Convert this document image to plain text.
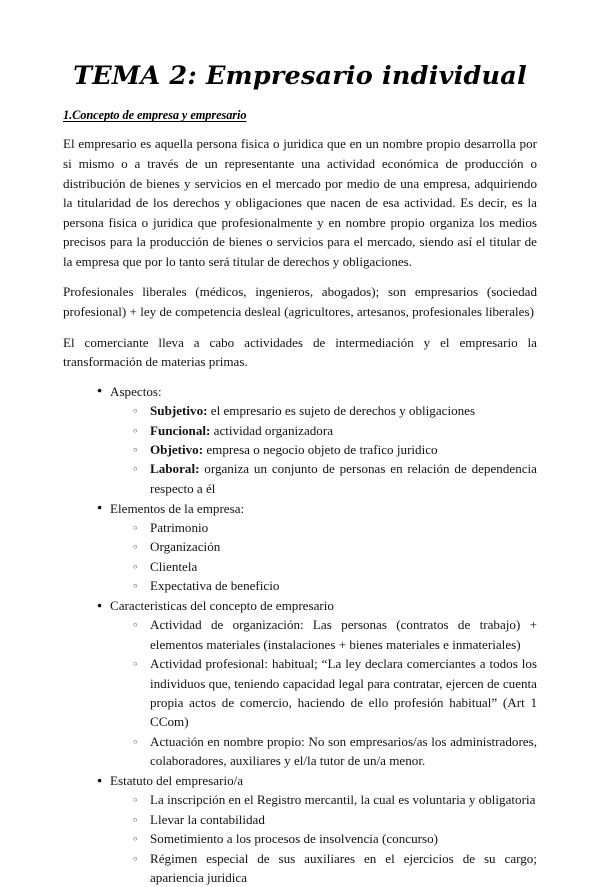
TEMA 2: Empresario individual
1.Concepto de empresa y empresario

El empresario es aquella persona fisica o juridica que en un nombre propio desarrolla por si mismo o a través de un representante una actividad económica de producción o distribución de bienes y servicios en el mercado por medio de una empresa, adquiriendo la titularidad de los derechos y obligaciones que nacen de esa actividad. Es decir, es la persona fisica o juridica que profesionalmente y en nombre propio organiza los medios precisos para la producción de bienes o servicios para el mercado, siendo así el titular de la empresa que por lo tanto será titular de derechos y obligaciones.

Profesionales liberales (médicos, ingenieros, abogados); son empresarios (sociedad profesional) + ley de competencia desleal (agricultores, artesanos, profesionales liberales)

El comerciante lleva a cabo actividades de intermediación y el empresario la transformación de materias primas.

● Aspectos:
○ Subjetivo: el empresario es sujeto de derechos y obligaciones
○ Funcional: actividad organizadora
○ Objetivo: empresa o negocio objeto de trafico juridico
○ Laboral: organiza un conjunto de personas en relación de dependencia respecto a él
● Elementos de la empresa:
○ Patrimonio
○ Organización
○ Clientela
○ Expectativa de beneficio
● Caracteristicas del concepto de empresario
○ Actividad de organización: Las personas (contratos de trabajo) + elementos materiales (instalaciones + bienes materiales e inmateriales)
○ Actividad profesional: habitual; “La ley declara comerciantes a todos los individuos que, teniendo capacidad legal para contratar, ejercen de cuenta propia actos de comercio, haciendo de ello profesión habitual” (Art 1 CCom)
○ Actuación en nombre propio: No son empresarios/as los administradores, colaboradores, auxiliares y el/la tutor de un/a menor.
● Estatuto del empresario/a
○ La inscripción en el Registro mercantil, la cual es voluntaria y obligatoria
○ Llevar la contabilidad
○ Sometimiento a los procesos de insolvencia (concurso)
○ Régimen especial de sus auxiliares en el ejercicios de su cargo; apariencia juridica
